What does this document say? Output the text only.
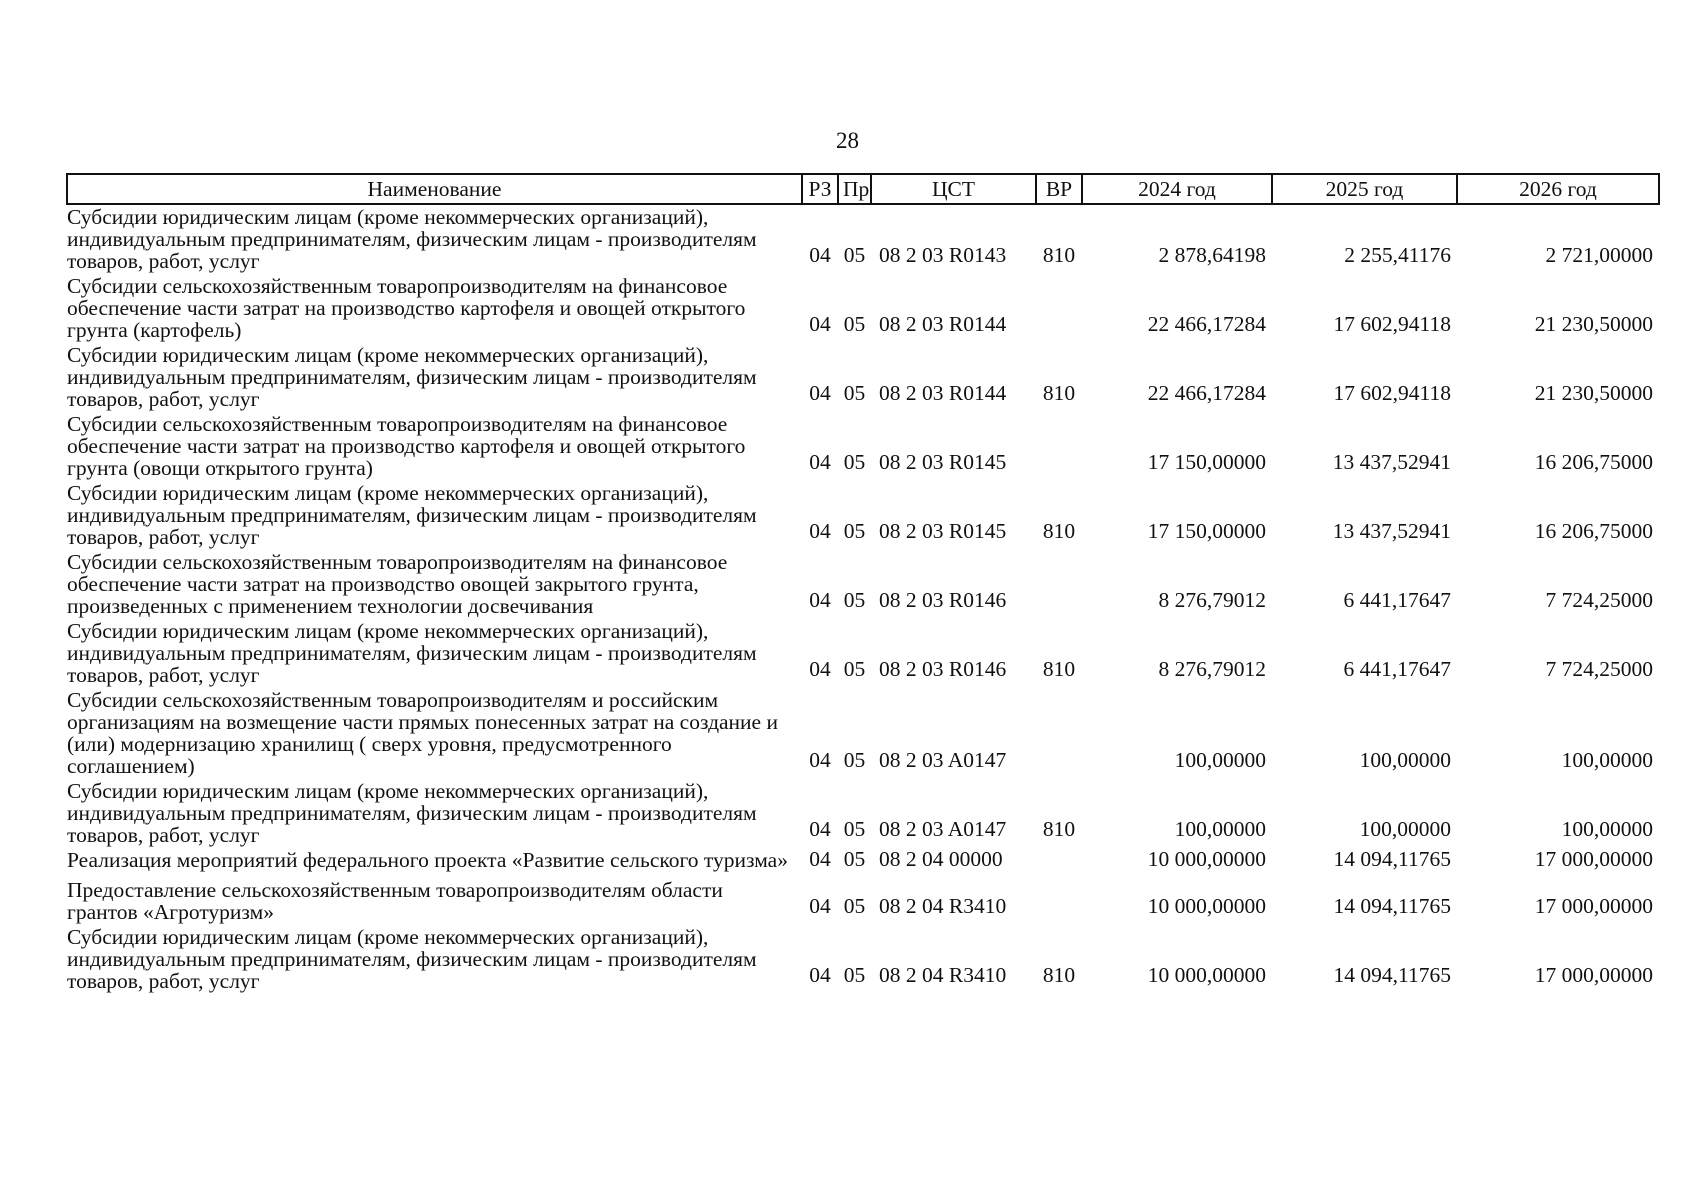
28
Наименование	РЗ	Пр	ЦСТ	ВР	2024 год	2025 год	2026 год
Субсидии юридическим лицам (кроме некоммерческих организаций), индивидуальным предпринимателям, физическим лицам - производителям товаров, работ, услуг	04	05	08 2 03 R0143	810	2 878,64198	2 255,41176	2 721,00000
Субсидии сельскохозяйственным товаропроизводителям на финансовое обеспечение части затрат на производство картофеля и овощей открытого грунта (картофель)	04	05	08 2 03 R0144		22 466,17284	17 602,94118	21 230,50000
Субсидии юридическим лицам (кроме некоммерческих организаций), индивидуальным предпринимателям, физическим лицам - производителям товаров, работ, услуг	04	05	08 2 03 R0144	810	22 466,17284	17 602,94118	21 230,50000
Субсидии сельскохозяйственным товаропроизводителям на финансовое обеспечение части затрат на производство картофеля и овощей открытого грунта (овощи открытого грунта)	04	05	08 2 03 R0145		17 150,00000	13 437,52941	16 206,75000
Субсидии юридическим лицам (кроме некоммерческих организаций), индивидуальным предпринимателям, физическим лицам - производителям товаров, работ, услуг	04	05	08 2 03 R0145	810	17 150,00000	13 437,52941	16 206,75000
Субсидии сельскохозяйственным товаропроизводителям на финансовое обеспечение части затрат на производство овощей закрытого грунта, произведенных с применением технологии досвечивания	04	05	08 2 03 R0146		8 276,79012	6 441,17647	7 724,25000
Субсидии юридическим лицам (кроме некоммерческих организаций), индивидуальным предпринимателям, физическим лицам - производителям товаров, работ, услуг	04	05	08 2 03 R0146	810	8 276,79012	6 441,17647	7 724,25000
Субсидии сельскохозяйственным товаропроизводителям и российским организациям на возмещение части прямых понесенных затрат на создание и (или) модернизацию хранилищ ( сверх уровня, предусмотренного соглашением)	04	05	08 2 03 A0147		100,00000	100,00000	100,00000
Субсидии юридическим лицам (кроме некоммерческих организаций), индивидуальным предпринимателям, физическим лицам - производителям товаров, работ, услуг	04	05	08 2 03 A0147	810	100,00000	100,00000	100,00000
Реализация мероприятий федерального проекта «Развитие сельского туризма»	04	05	08 2 04 00000		10 000,00000	14 094,11765	17 000,00000
Предоставление сельскохозяйственным товаропроизводителям области грантов «Агротуризм»	04	05	08 2 04 R3410		10 000,00000	14 094,11765	17 000,00000
Субсидии юридическим лицам (кроме некоммерческих организаций), индивидуальным предпринимателям, физическим лицам - производителям товаров, работ, услуг	04	05	08 2 04 R3410	810	10 000,00000	14 094,11765	17 000,00000
